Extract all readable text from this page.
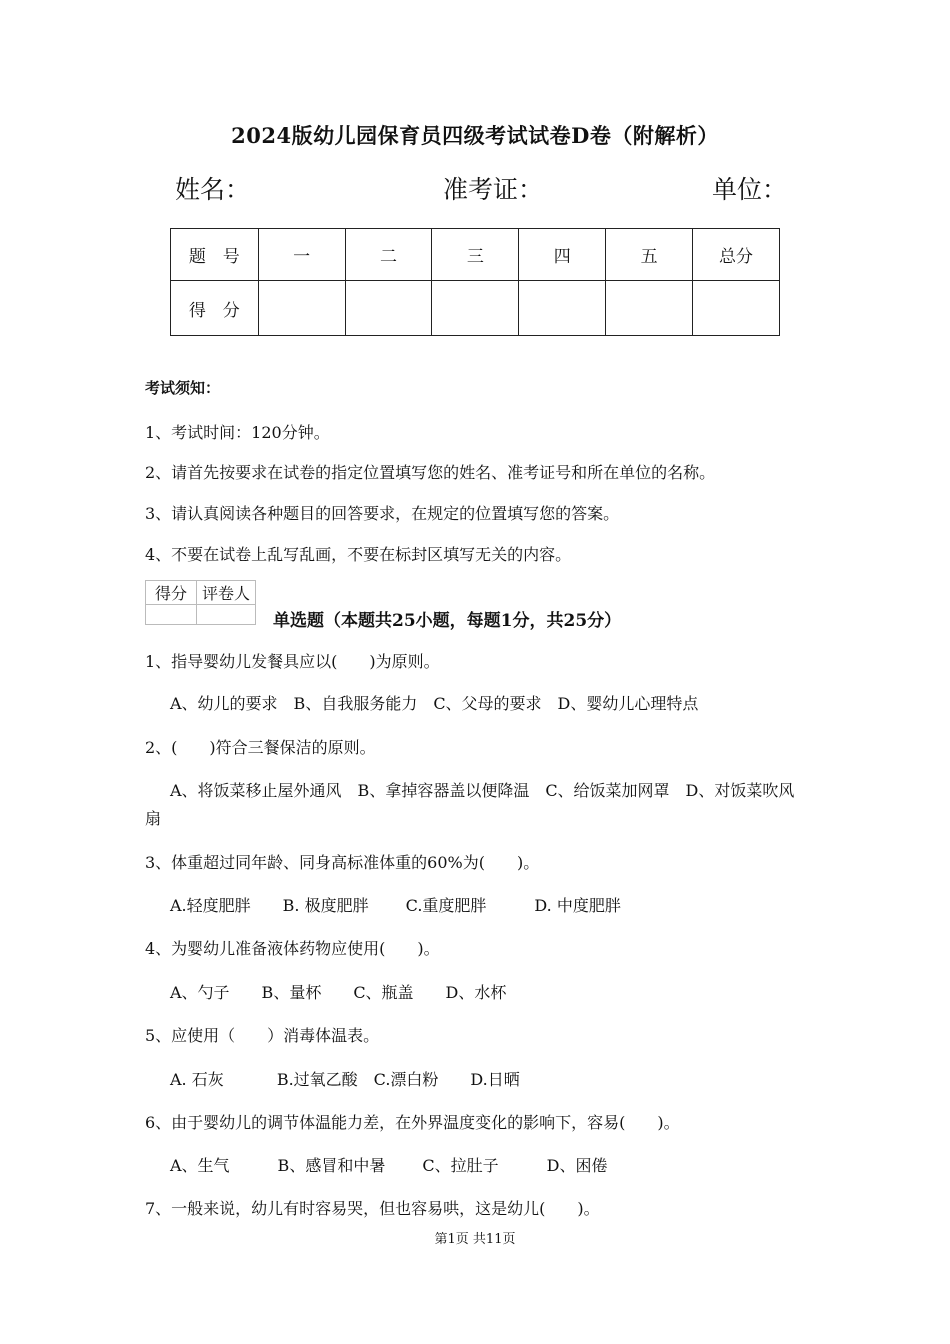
2024版幼儿园保育员四级考试试卷D卷（附解析）
姓名：	准考证：	单位：
题　号	一	二	三	四	五	总分
得　分						
考试须知：
1、考试时间：120分钟。
2、请首先按要求在试卷的指定位置填写您的姓名、准考证号和所在单位的名称。
3、请认真阅读各种题目的回答要求，在规定的位置填写您的答案。
4、不要在试卷上乱写乱画，不要在标封区填写无关的内容。
得分	评卷人

单选题（本题共25小题，每题1分，共25分）
1、指导婴幼儿发餐具应以(　　)为原则。
A、幼儿的要求　B、自我服务能力　C、父母的要求　D、婴幼儿心理特点
2、(　　)符合三餐保洁的原则。
A、将饭菜移止屋外通风　B、拿掉容器盖以便降温　C、给饭菜加网罩　D、对饭菜吹风
扇
3、体重超过同年龄、同身高标准体重的60%为(　　)。
A.轻度肥胖　　B. 极度肥胖　　 C.重度肥胖　　　D. 中度肥胖
4、为婴幼儿准备液体药物应使用(　　)。
A、勺子　　B、量杯　　C、瓶盖　　D、水杯
5、应使用（　　）消毒体温表。
A. 石灰　　　 B.过氧乙酸　C.漂白粉　　D.日晒
6、由于婴幼儿的调节体温能力差，在外界温度变化的影响下，容易(　　)。
A、生气　　　B、感冒和中暑　　 C、拉肚子　　　D、困倦
7、一般来说，幼儿有时容易哭，但也容易哄，这是幼儿(　　)。
第1页 共11页
